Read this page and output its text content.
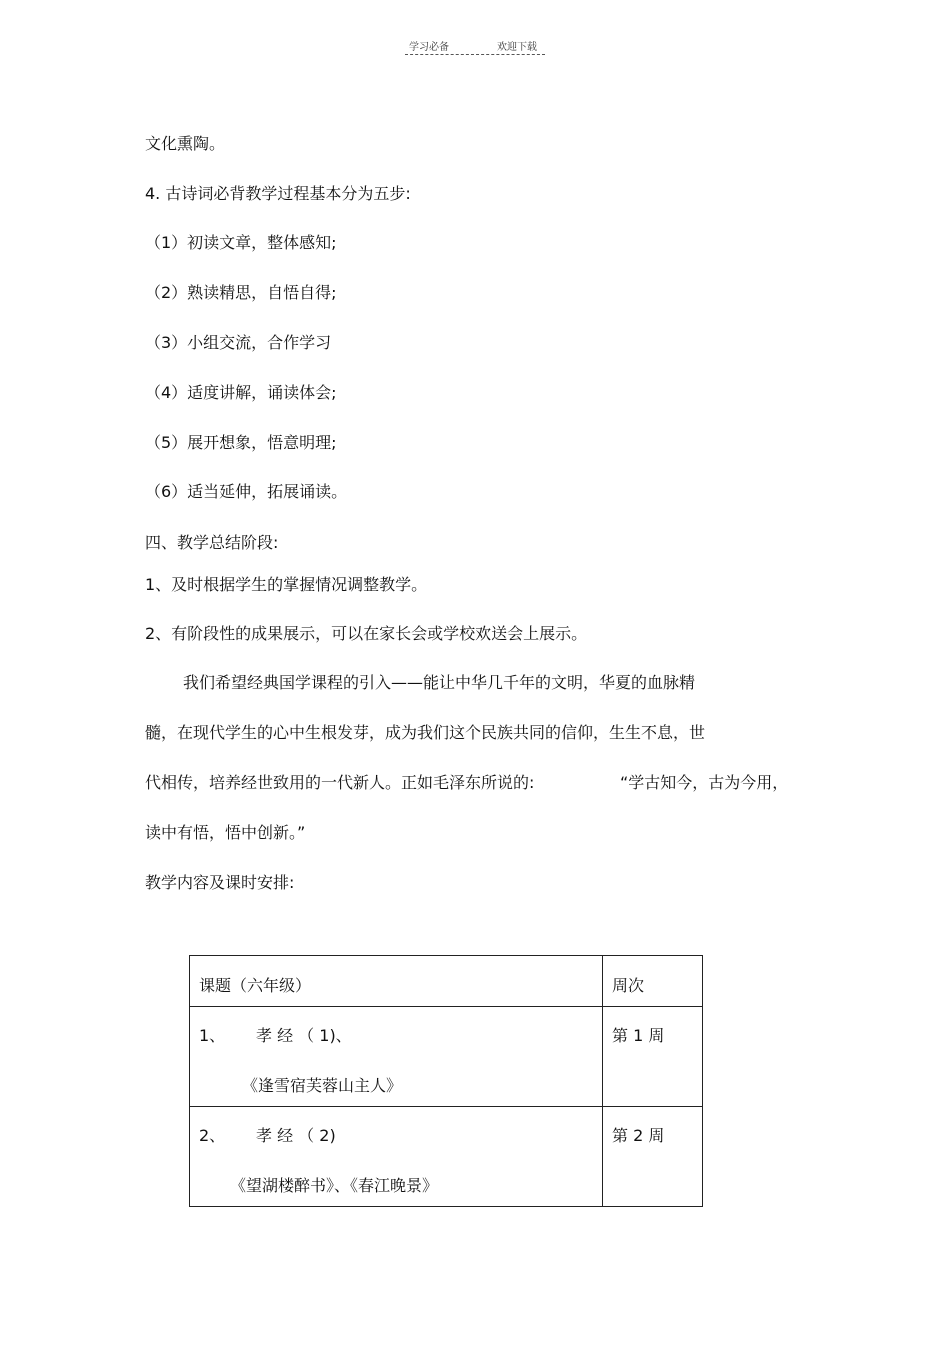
学习必备	欢迎下载
文化熏陶。
4. 古诗词必背教学过程基本分为五步:
（1）初读文章，整体感知;
（2）熟读精思，自悟自得;
（3）小组交流，合作学习
（4）适度讲解，诵读体会;
（5）展开想象，悟意明理;
（6）适当延伸，拓展诵读。
四、教学总结阶段:
1、及时根据学生的掌握情况调整教学。
2、有阶段性的成果展示，可以在家长会或学校欢送会上展示。
我们希望经典国学课程的引入——能让中华几千年的文明，华夏的血脉精
髓，在现代学生的心中生根发芽，成为我们这个民族共同的信仰，生生不息，世
代相传，培养经世致用的一代新人。正如毛泽东所说的:	“学古知今，古为今用，
读中有悟，悟中创新。”
教学内容及课时安排:
课题（六年级）	周次

1、 孝 经 （ 1)、
《逢雪宿芙蓉山主人》	第 1 周

2、 孝 经 （ 2)
《望湖楼醉书》、《春江晚景》	第 2 周
